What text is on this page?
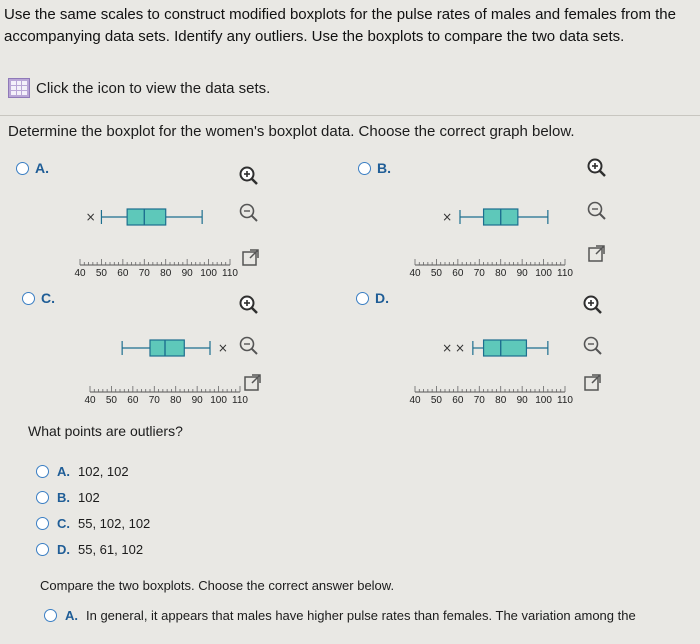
Use the same scales to construct modified boxplots for the pulse rates of males and females from the
accompanying data sets. Identify any outliers. Use the boxplots to compare the two data sets.
Click the icon to view the data sets.
Determine the boxplot for the women's boxplot data. Choose the correct graph below.
A.	B.
C.	D.
40 50 60 70 80 90 100 110
×
40 50 60 70 80 90 100 110
×
40 50 60 70 80 90 100 110
×
40 50 60 70 80 90 100 110
× ×
What points are outliers?
A. 102, 102
B. 102
C. 55, 102, 102
D. 55, 61, 102
Compare the two boxplots. Choose the correct answer below.
A. In general, it appears that males have higher pulse rates than females. The variation among the
